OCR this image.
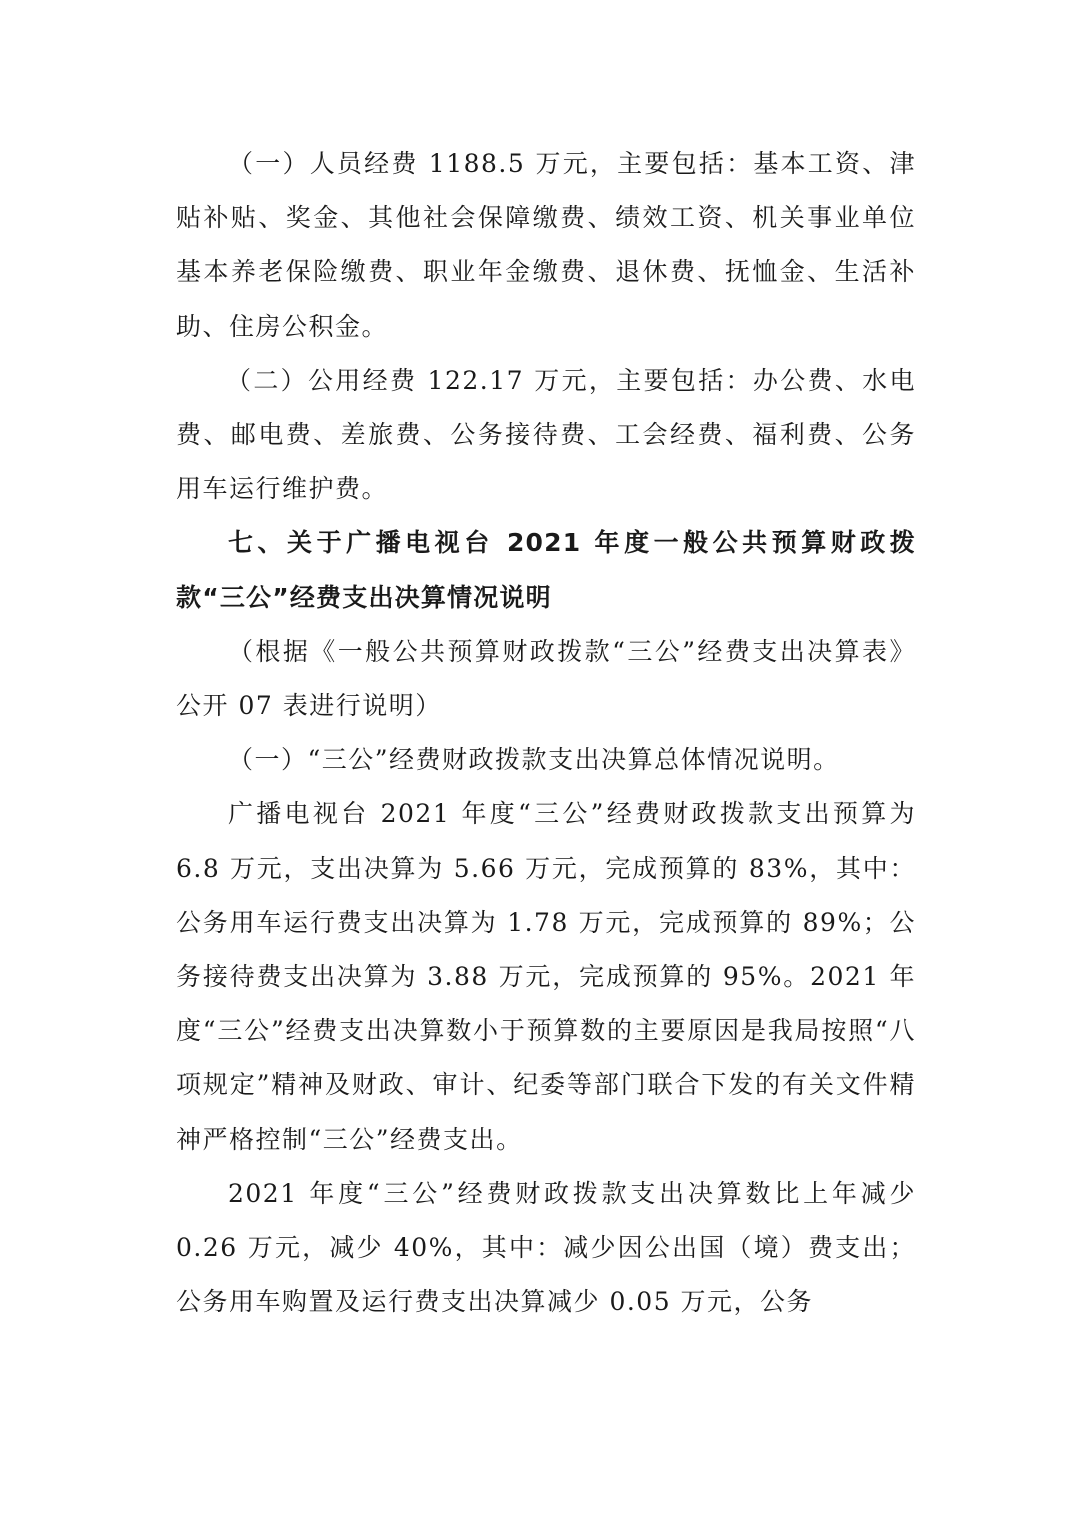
（一）人员经费 1188.5 万元，主要包括：基本工资、津贴补贴、奖金、其他社会保障缴费、绩效工资、机关事业单位基本养老保险缴费、职业年金缴费、退休费、抚恤金、生活补助、住房公积金。

（二）公用经费 122.17 万元，主要包括：办公费、水电费、邮电费、差旅费、公务接待费、工会经费、福利费、公务用车运行维护费。

七、关于广播电视台 2021 年度一般公共预算财政拨款“三公”经费支出决算情况说明

（根据《一般公共预算财政拨款“三公”经费支出决算表》公开 07 表进行说明）

（一）“三公”经费财政拨款支出决算总体情况说明。

广播电视台 2021 年度“三公”经费财政拨款支出预算为 6.8 万元，支出决算为 5.66 万元，完成预算的 83%，其中：公务用车运行费支出决算为 1.78 万元，完成预算的 89%；公务接待费支出决算为 3.88 万元，完成预算的 95%。2021 年度“三公”经费支出决算数小于预算数的主要原因是我局按照“八项规定”精神及财政、审计、纪委等部门联合下发的有关文件精神严格控制“三公”经费支出。

2021 年度“三公”经费财政拨款支出决算数比上年减少 0.26 万元，减少 40%，其中：减少因公出国（境）费支出；公务用车购置及运行费支出决算减少 0.05 万元，公务
